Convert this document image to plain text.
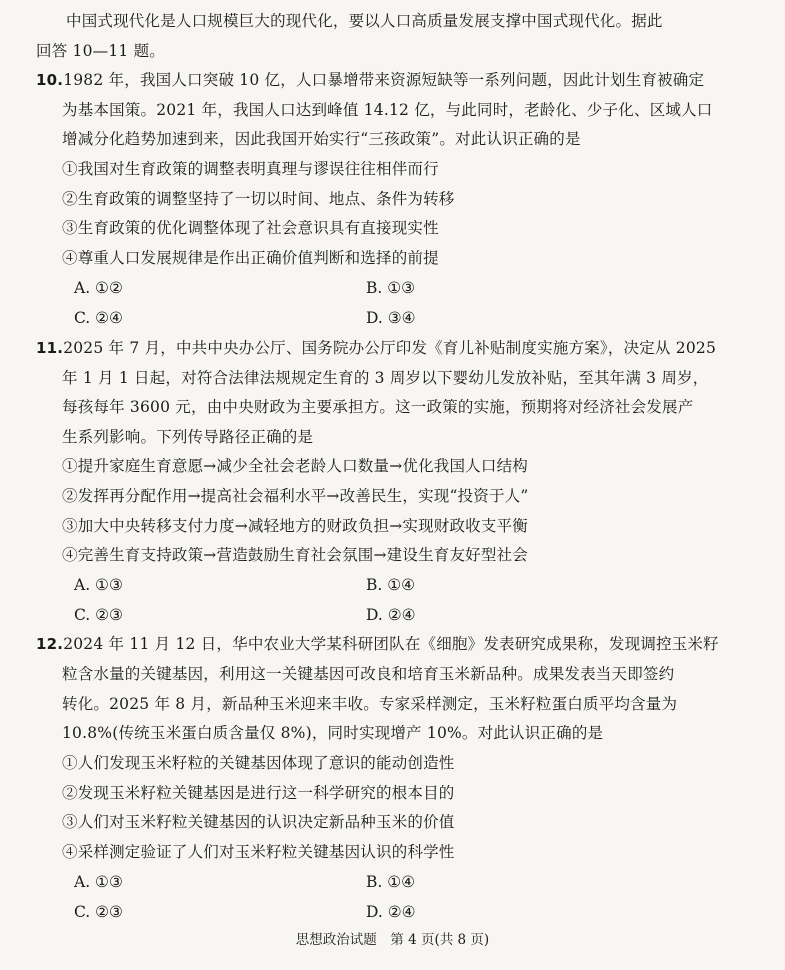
中国式现代化是人口规模巨大的现代化，要以人口高质量发展支撑中国式现代化。据此
回答 10—11 题。
10.1982 年，我国人口突破 10 亿，人口暴增带来资源短缺等一系列问题，因此计划生育被确定
为基本国策。2021 年，我国人口达到峰值 14.12 亿，与此同时，老龄化、少子化、区域人口
增减分化趋势加速到来，因此我国开始实行“三孩政策”。对此认识正确的是
①我国对生育政策的调整表明真理与谬误往往相伴而行
②生育政策的调整坚持了一切以时间、地点、条件为转移
③生育政策的优化调整体现了社会意识具有直接现实性
④尊重人口发展规律是作出正确价值判断和选择的前提
A. ①②	B. ①③
C. ②④	D. ③④
11.2025 年 7 月，中共中央办公厅、国务院办公厅印发《育儿补贴制度实施方案》，决定从 2025
年 1 月 1 日起，对符合法律法规规定生育的 3 周岁以下婴幼儿发放补贴，至其年满 3 周岁，
每孩每年 3600 元，由中央财政为主要承担方。这一政策的实施，预期将对经济社会发展产
生系列影响。下列传导路径正确的是
①提升家庭生育意愿→减少全社会老龄人口数量→优化我国人口结构
②发挥再分配作用→提高社会福利水平→改善民生，实现“投资于人”
③加大中央转移支付力度→减轻地方的财政负担→实现财政收支平衡
④完善生育支持政策→营造鼓励生育社会氛围→建设生育友好型社会
A. ①③	B. ①④
C. ②③	D. ②④
12.2024 年 11 月 12 日，华中农业大学某科研团队在《细胞》发表研究成果称，发现调控玉米籽
粒含水量的关键基因，利用这一关键基因可改良和培育玉米新品种。成果发表当天即签约
转化。2025 年 8 月，新品种玉米迎来丰收。专家采样测定，玉米籽粒蛋白质平均含量为
10.8%(传统玉米蛋白质含量仅 8%)，同时实现增产 10%。对此认识正确的是
①人们发现玉米籽粒的关键基因体现了意识的能动创造性
②发现玉米籽粒关键基因是进行这一科学研究的根本目的
③人们对玉米籽粒关键基因的认识决定新品种玉米的价值
④采样测定验证了人们对玉米籽粒关键基因认识的科学性
A. ①③	B. ①④
C. ②③	D. ②④
思想政治试题　第 4 页(共 8 页)
